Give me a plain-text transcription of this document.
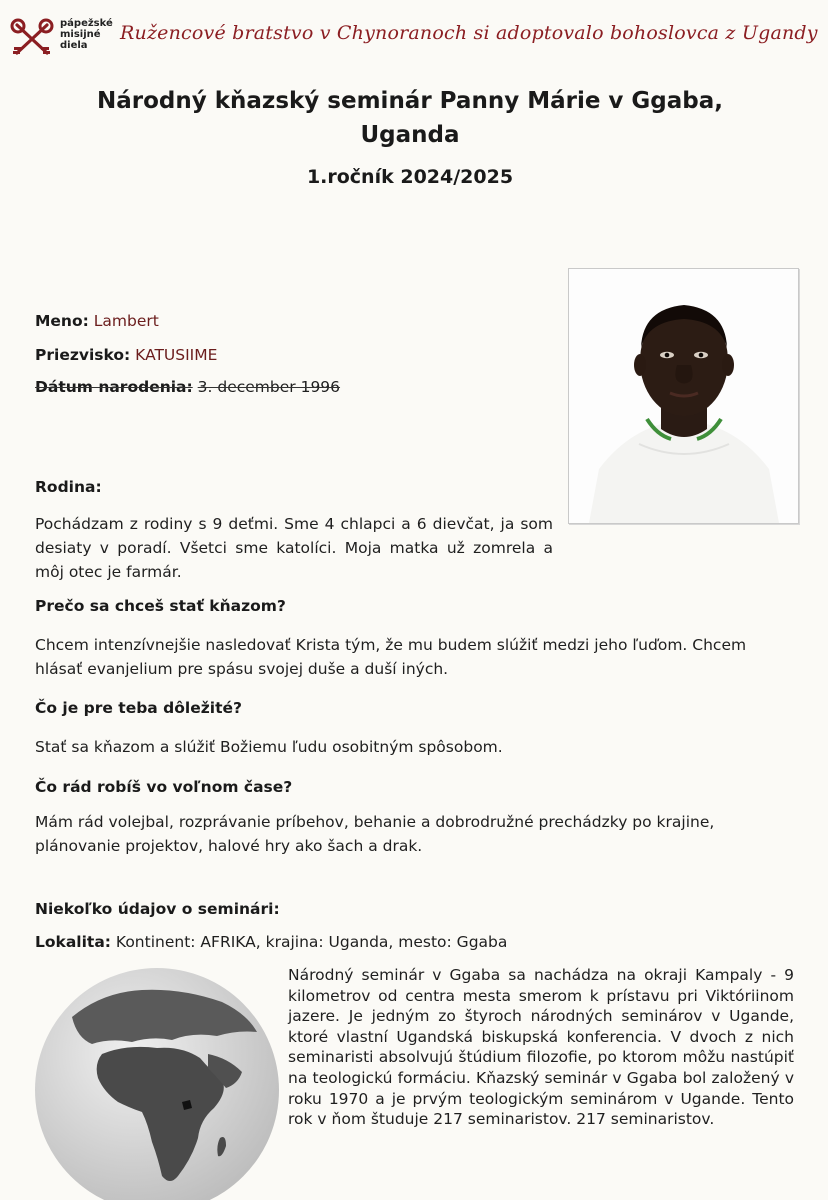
pápežské
misijné
diela
Ružencové bratstvo v Chynoranoch si adoptovalo bohoslovca z Ugandy
Národný kňazský seminár Panny Márie v Ggaba,
Uganda
1.ročník 2024/2025
Meno: Lambert
Priezvisko: KATUSIIME
Dátum narodenia: 3. december 1996
Rodina:
Pochádzam z rodiny s 9 deťmi. Sme 4 chlapci a 6 dievčat, ja som desiaty v poradí. Všetci sme katolíci. Moja matka už zomrela a môj otec je farmár.
Prečo sa chceš stať kňazom?
Chcem intenzívnejšie nasledovať Krista tým, že mu budem slúžiť medzi jeho ľuďom. Chcem hlásať evanjelium pre spásu svojej duše a duší iných.
Čo je pre teba dôležité?
Stať sa kňazom a slúžiť Božiemu ľudu osobitným spôsobom.
Čo rád robíš vo voľnom čase?
Mám rád volejbal, rozprávanie príbehov, behanie a dobrodružné prechádzky po krajine, plánovanie projektov, halové hry ako šach a drak.
Niekoľko údajov o seminári:
Lokalita: Kontinent: AFRIKA, krajina: Uganda, mesto: Ggaba
Národný seminár v Ggaba sa nachádza na okraji Kampaly - 9 kilometrov od centra mesta smerom k prístavu pri Viktóriinom jazere. Je jedným zo štyroch národných seminárov v Ugande, ktoré vlastní Ugandská biskupská konferencia. V dvoch z nich seminaristi absolvujú štúdium filozofie, po ktorom môžu nastúpiť na teologickú formáciu. Kňazský seminár v Ggaba bol založený v roku 1970 a je prvým teologickým seminárom v Ugande. Tento rok v ňom študuje 217 seminaristov. 217 seminaristov.
